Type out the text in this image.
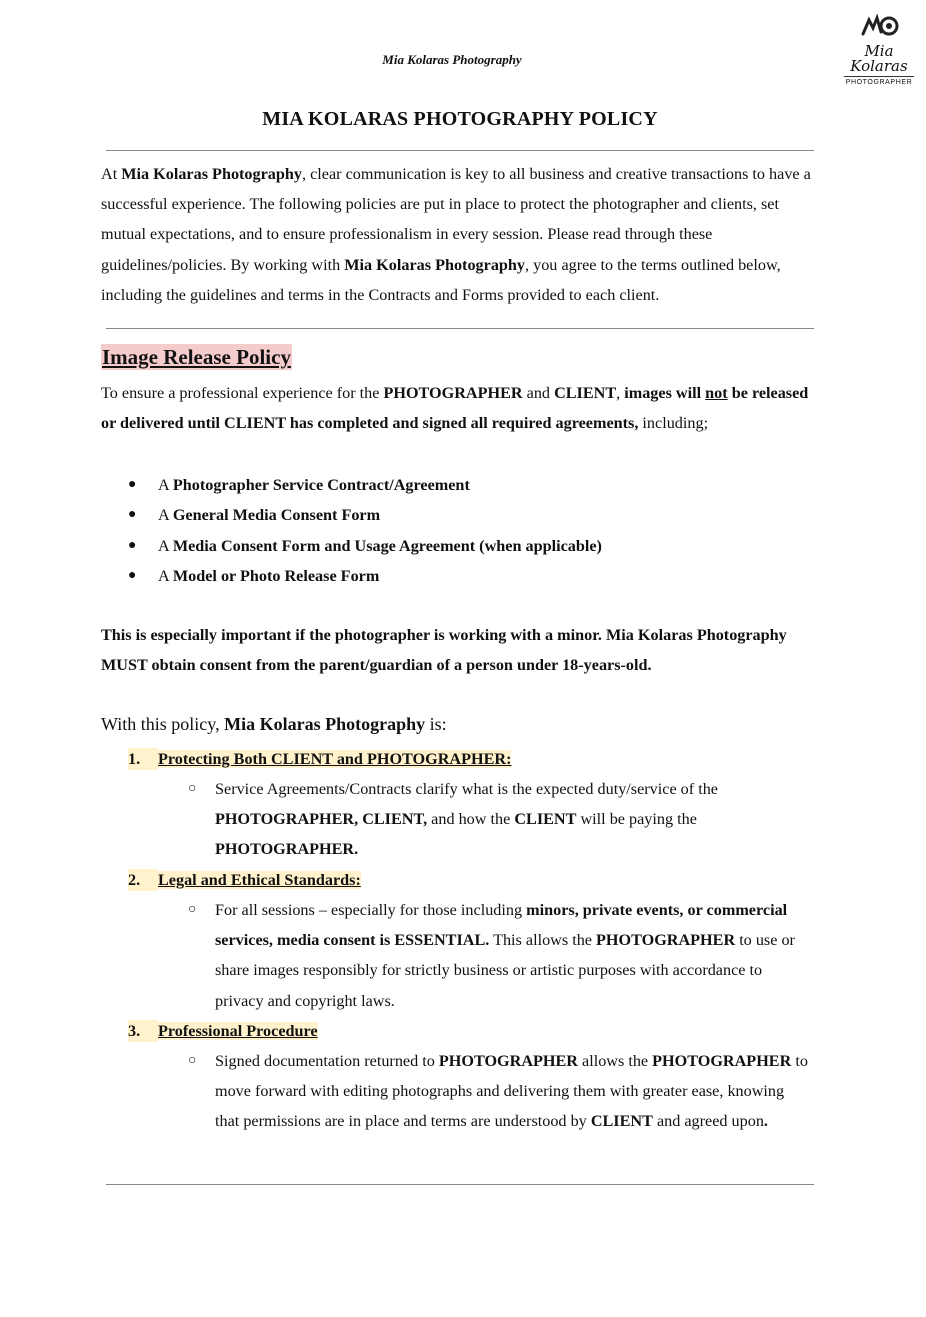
Mia Kolaras Photography	Mia Kolaras
PHOTOGRAPHER
MIA KOLARAS PHOTOGRAPHY POLICY
At Mia Kolaras Photography, clear communication is key to all business and creative transactions to have a successful experience. The following policies are put in place to protect the photographer and clients, set mutual expectations, and to ensure professionalism in every session. Please read through these guidelines/policies. By working with Mia Kolaras Photography, you agree to the terms outlined below, including the guidelines and terms in the Contracts and Forms provided to each client.
Image Release Policy
To ensure a professional experience for the PHOTOGRAPHER and CLIENT, images will not be released or delivered until CLIENT has completed and signed all required agreements, including;
● A Photographer Service Contract/Agreement
● A General Media Consent Form
● A Media Consent Form and Usage Agreement (when applicable)
● A Model or Photo Release Form
This is especially important if the photographer is working with a minor. Mia Kolaras Photography MUST obtain consent from the parent/guardian of a person under 18-years-old.
With this policy, Mia Kolaras Photography is:
1. Protecting Both CLIENT and PHOTOGRAPHER:
○ Service Agreements/Contracts clarify what is the expected duty/service of the PHOTOGRAPHER, CLIENT, and how the CLIENT will be paying the PHOTOGRAPHER.
2. Legal and Ethical Standards:
○ For all sessions – especially for those including minors, private events, or commercial services, media consent is ESSENTIAL. This allows the PHOTOGRAPHER to use or share images responsibly for strictly business or artistic purposes with accordance to privacy and copyright laws.
3. Professional Procedure
○ Signed documentation returned to PHOTOGRAPHER allows the PHOTOGRAPHER to move forward with editing photographs and delivering them with greater ease, knowing that permissions are in place and terms are understood by CLIENT and agreed upon.
